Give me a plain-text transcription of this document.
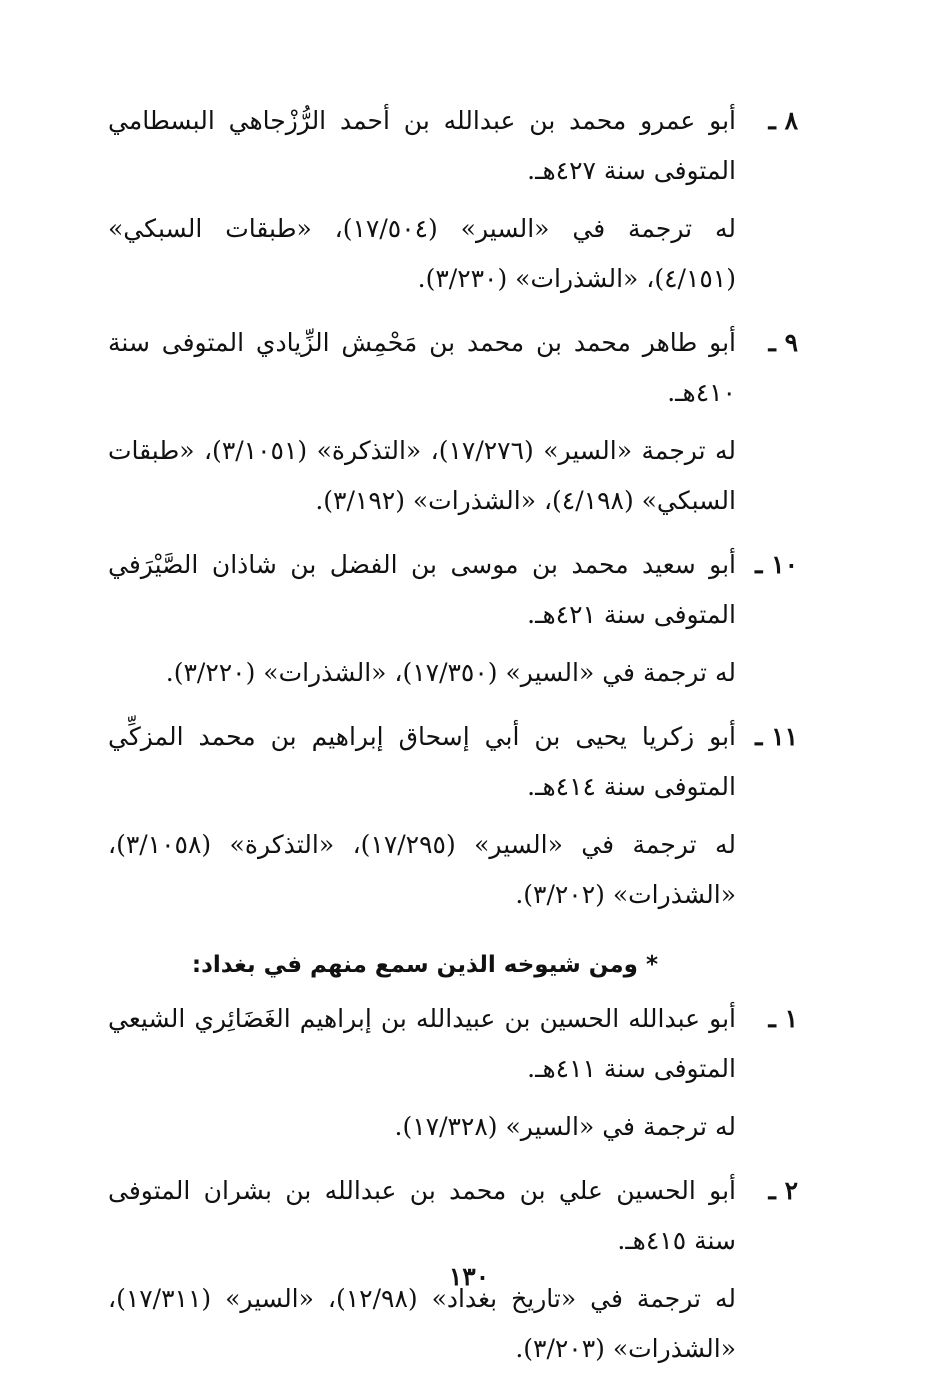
٨ ـ
أبو عمرو محمد بن عبدالله بن أحمد الرُّزْجاهي البسطامي المتوفى سنة ٤٢٧هـ.
له ترجمة في «السير» (١٧/٥٠٤)، «طبقات السبكي» (٤/١٥١)، «الشذرات» (٣/٢٣٠).
٩ ـ
أبو طاهر محمد بن محمد بن مَحْمِش الزِّيادي المتوفى سنة ٤١٠هـ.
له ترجمة «السير» (١٧/٢٧٦)، «التذكرة» (٣/١٠٥١)، «طبقات السبكي» (٤/١٩٨)، «الشذرات» (٣/١٩٢).
١٠ ـ
أبو سعيد محمد بن موسى بن الفضل بن شاذان الصَّيْرَفي المتوفى سنة ٤٢١هـ.
له ترجمة في «السير» (١٧/٣٥٠)، «الشذرات» (٣/٢٢٠).
١١ ـ
أبو زكريا يحيى بن أبي إسحاق إبراهيم بن محمد المزكِّي المتوفى سنة ٤١٤هـ.
له ترجمة في «السير» (١٧/٢٩٥)، «التذكرة» (٣/١٠٥٨)، «الشذرات» (٣/٢٠٢).
* ومن شيوخه الذين سمع منهم في بغداد:
١ ـ
أبو عبدالله الحسين بن عبيدالله بن إبراهيم الغَضَائِري الشيعي المتوفى سنة ٤١١هـ.
له ترجمة في «السير» (١٧/٣٢٨).
٢ ـ
أبو الحسين علي بن محمد بن عبدالله بن بشران المتوفى سنة ٤١٥هـ.
له ترجمة في «تاريخ بغداد» (١٢/٩٨)، «السير» (١٧/٣١١)، «الشذرات» (٣/٢٠٣).
١٣٠
